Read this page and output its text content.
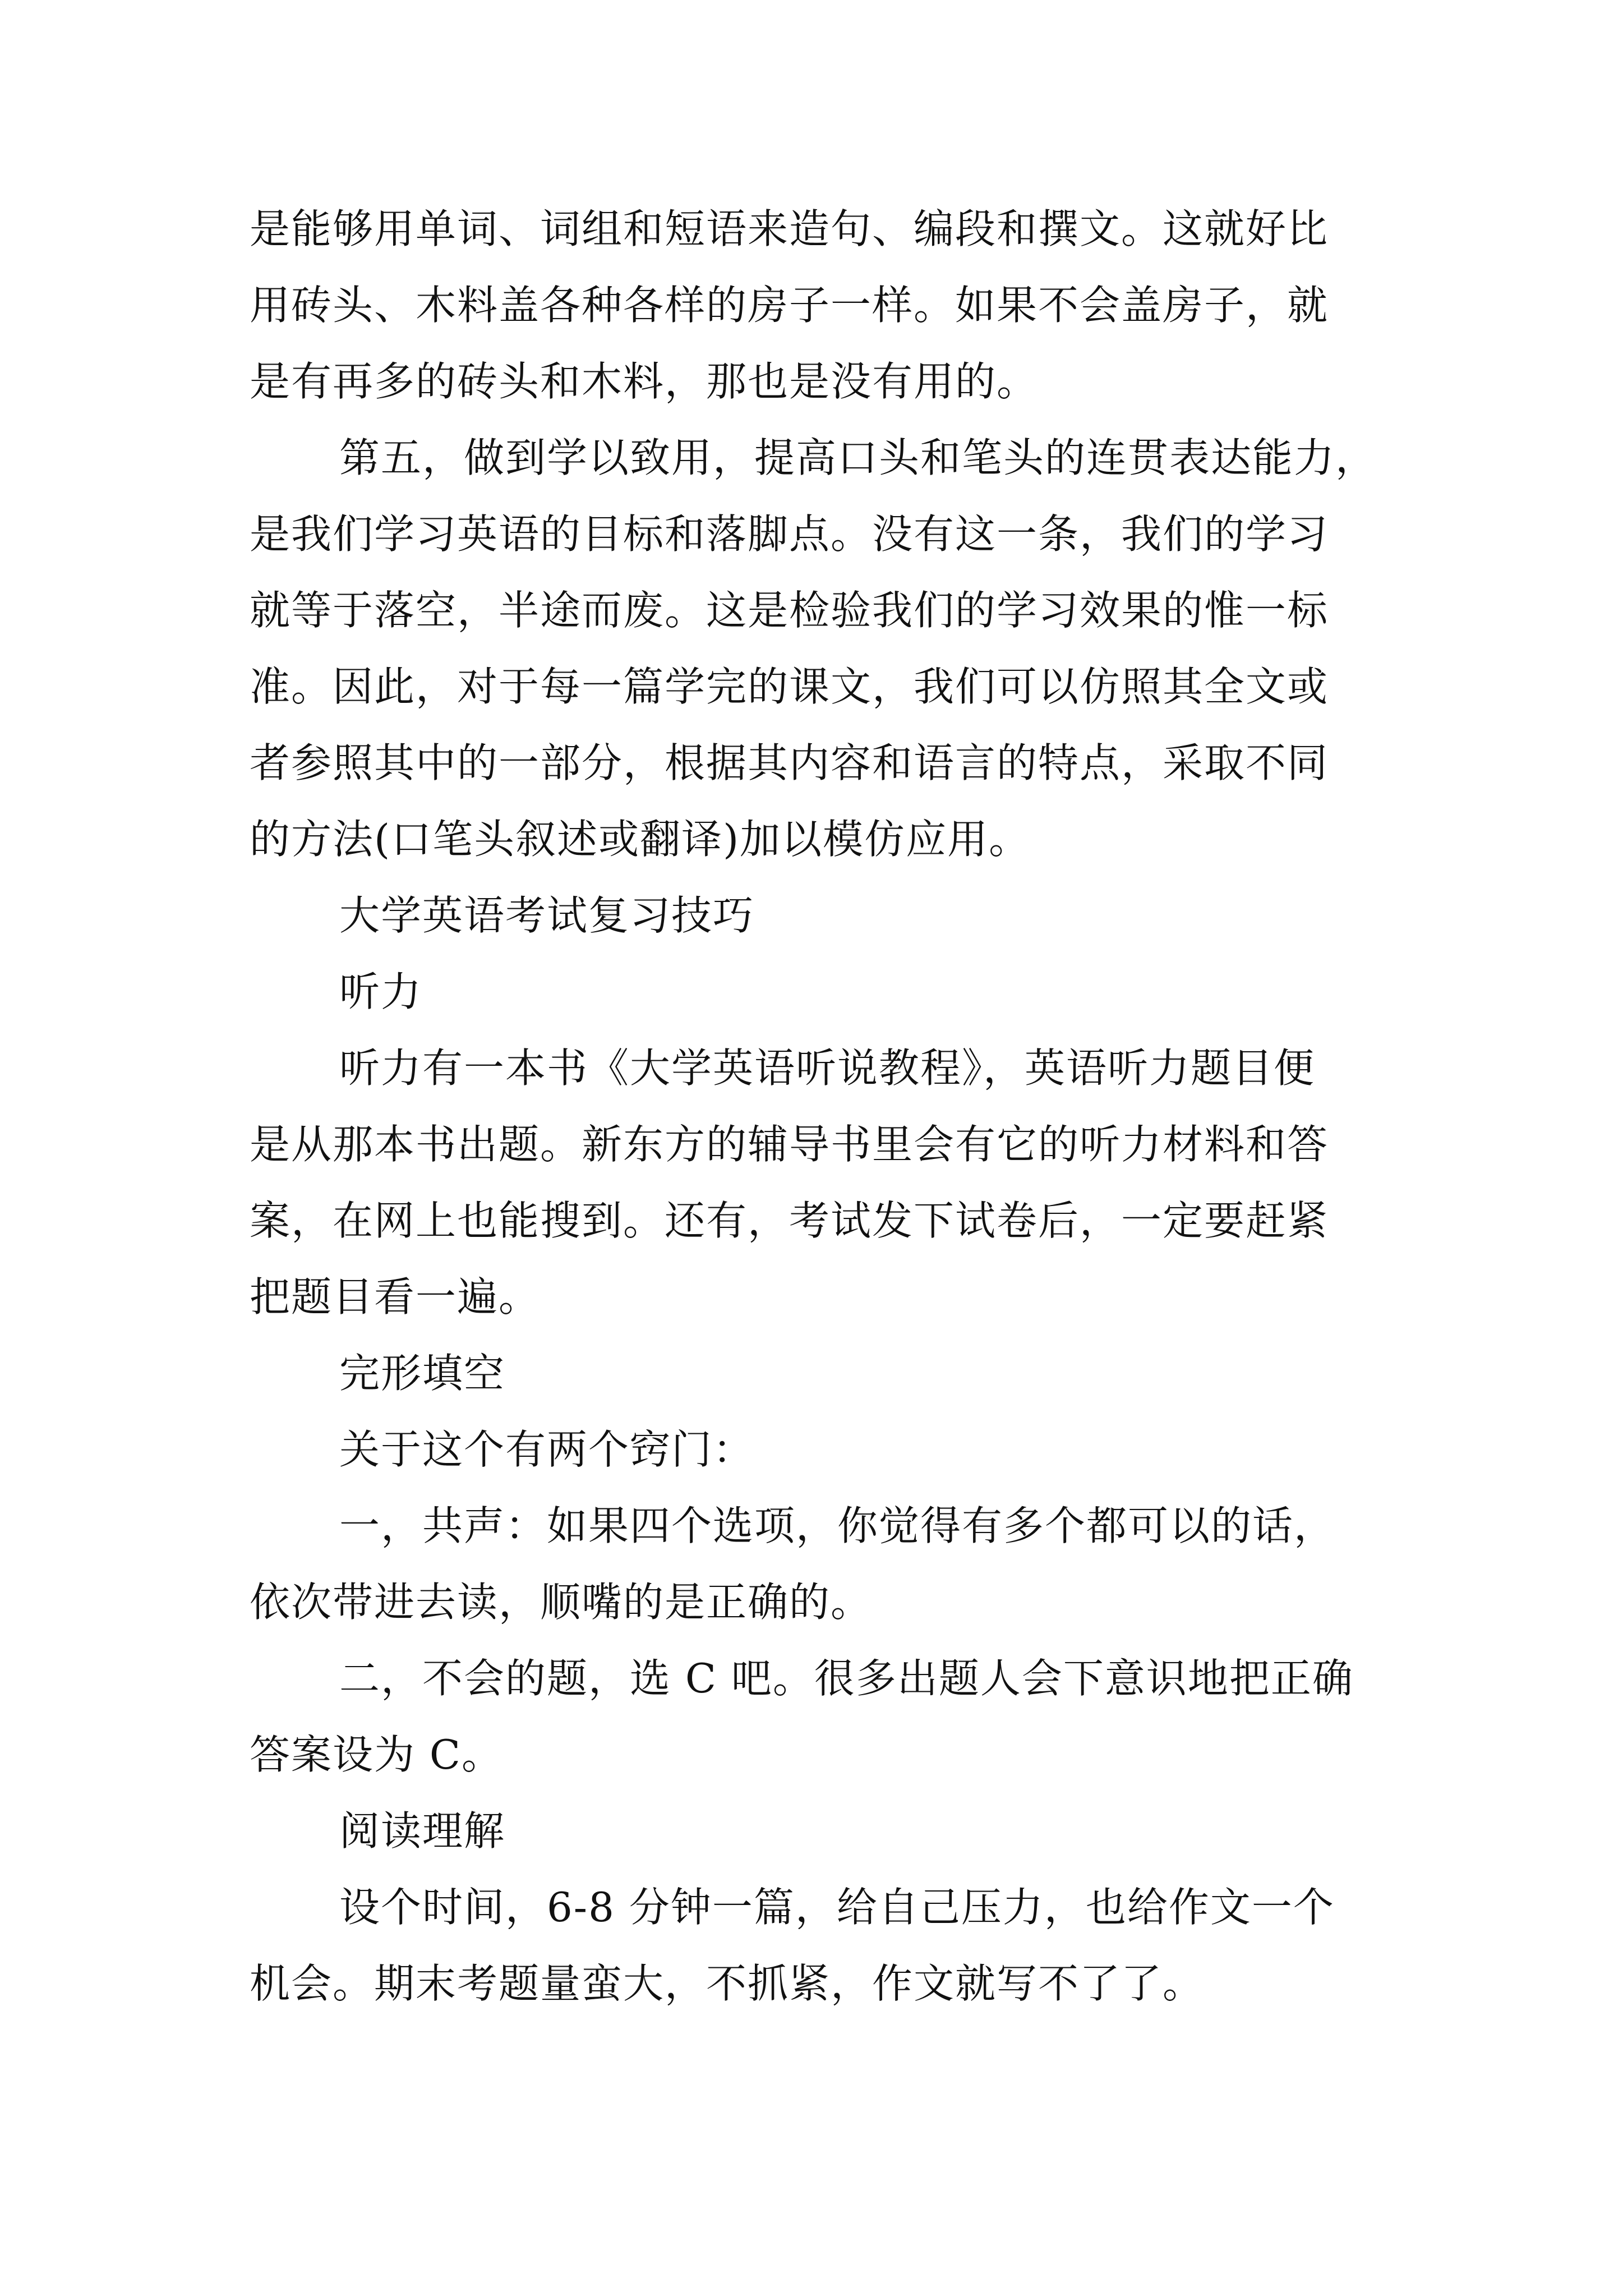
是能够用单词、词组和短语来造句、编段和撰文。这就好比
用砖头、木料盖各种各样的房子一样。如果不会盖房子，就
是有再多的砖头和木料，那也是没有用的。
第五，做到学以致用，提高口头和笔头的连贯表达能力，
是我们学习英语的目标和落脚点。没有这一条，我们的学习
就等于落空，半途而废。这是检验我们的学习效果的惟一标
准。因此，对于每一篇学完的课文，我们可以仿照其全文或
者参照其中的一部分，根据其内容和语言的特点，采取不同
的方法(口笔头叙述或翻译)加以模仿应用。
大学英语考试复习技巧
听力
听力有一本书《大学英语听说教程》，英语听力题目便
是从那本书出题。新东方的辅导书里会有它的听力材料和答
案，在网上也能搜到。还有，考试发下试卷后，一定要赶紧
把题目看一遍。
完形填空
关于这个有两个窍门：
一，共声：如果四个选项，你觉得有多个都可以的话，
依次带进去读，顺嘴的是正确的。
二，不会的题，选 C 吧。很多出题人会下意识地把正确
答案设为 C。
阅读理解
设个时间，6-8 分钟一篇，给自己压力，也给作文一个
机会。期末考题量蛮大，不抓紧，作文就写不了了。
